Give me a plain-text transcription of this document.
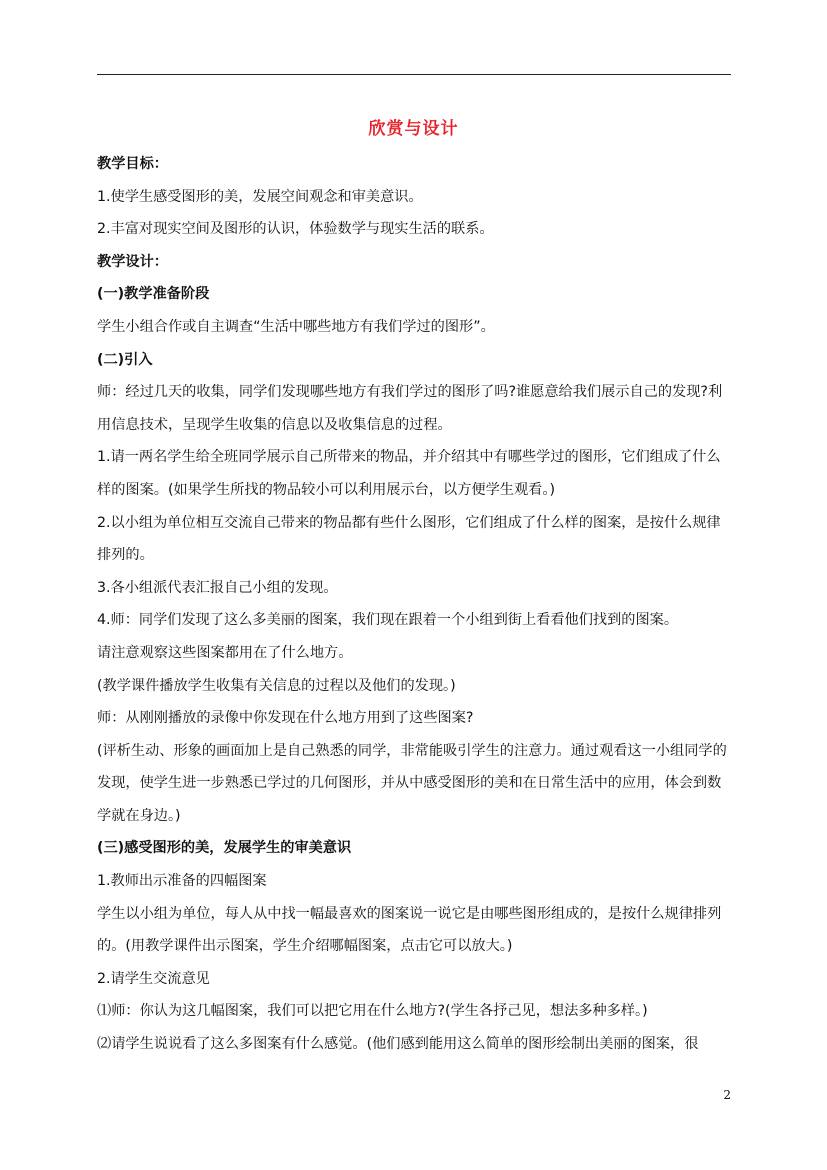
欣赏与设计

教学目标：

1.使学生感受图形的美，发展空间观念和审美意识。

2.丰富对现实空间及图形的认识，体验数学与现实生活的联系。

教学设计：

(一)教学准备阶段

学生小组合作或自主调查“生活中哪些地方有我们学过的图形”。

(二)引入

师：经过几天的收集，同学们发现哪些地方有我们学过的图形了吗?谁愿意给我们展示自己的发现?利用信息技术，呈现学生收集的信息以及收集信息的过程。

1.请一两名学生给全班同学展示自己所带来的物品，并介绍其中有哪些学过的图形，它们组成了什么样的图案。(如果学生所找的物品较小可以利用展示台，以方便学生观看。)

2.以小组为单位相互交流自己带来的物品都有些什么图形，它们组成了什么样的图案，是按什么规律排列的。

3.各小组派代表汇报自己小组的发现。

4.师：同学们发现了这么多美丽的图案，我们现在跟着一个小组到街上看看他们找到的图案。

请注意观察这些图案都用在了什么地方。

(教学课件播放学生收集有关信息的过程以及他们的发现。)

师：从刚刚播放的录像中你发现在什么地方用到了这些图案?

(评析生动、形象的画面加上是自己熟悉的同学，非常能吸引学生的注意力。通过观看这一小组同学的发现，使学生进一步熟悉已学过的几何图形，并从中感受图形的美和在日常生活中的应用，体会到数学就在身边。)

(三)感受图形的美，发展学生的审美意识

1.教师出示准备的四幅图案

学生以小组为单位，每人从中找一幅最喜欢的图案说一说它是由哪些图形组成的，是按什么规律排列的。(用教学课件出示图案，学生介绍哪幅图案，点击它可以放大。)

2.请学生交流意见

⑴师：你认为这几幅图案，我们可以把它用在什么地方?(学生各抒己见，想法多种多样。)

⑵请学生说说看了这么多图案有什么感觉。(他们感到能用这么简单的图形绘制出美丽的图案，很

2
